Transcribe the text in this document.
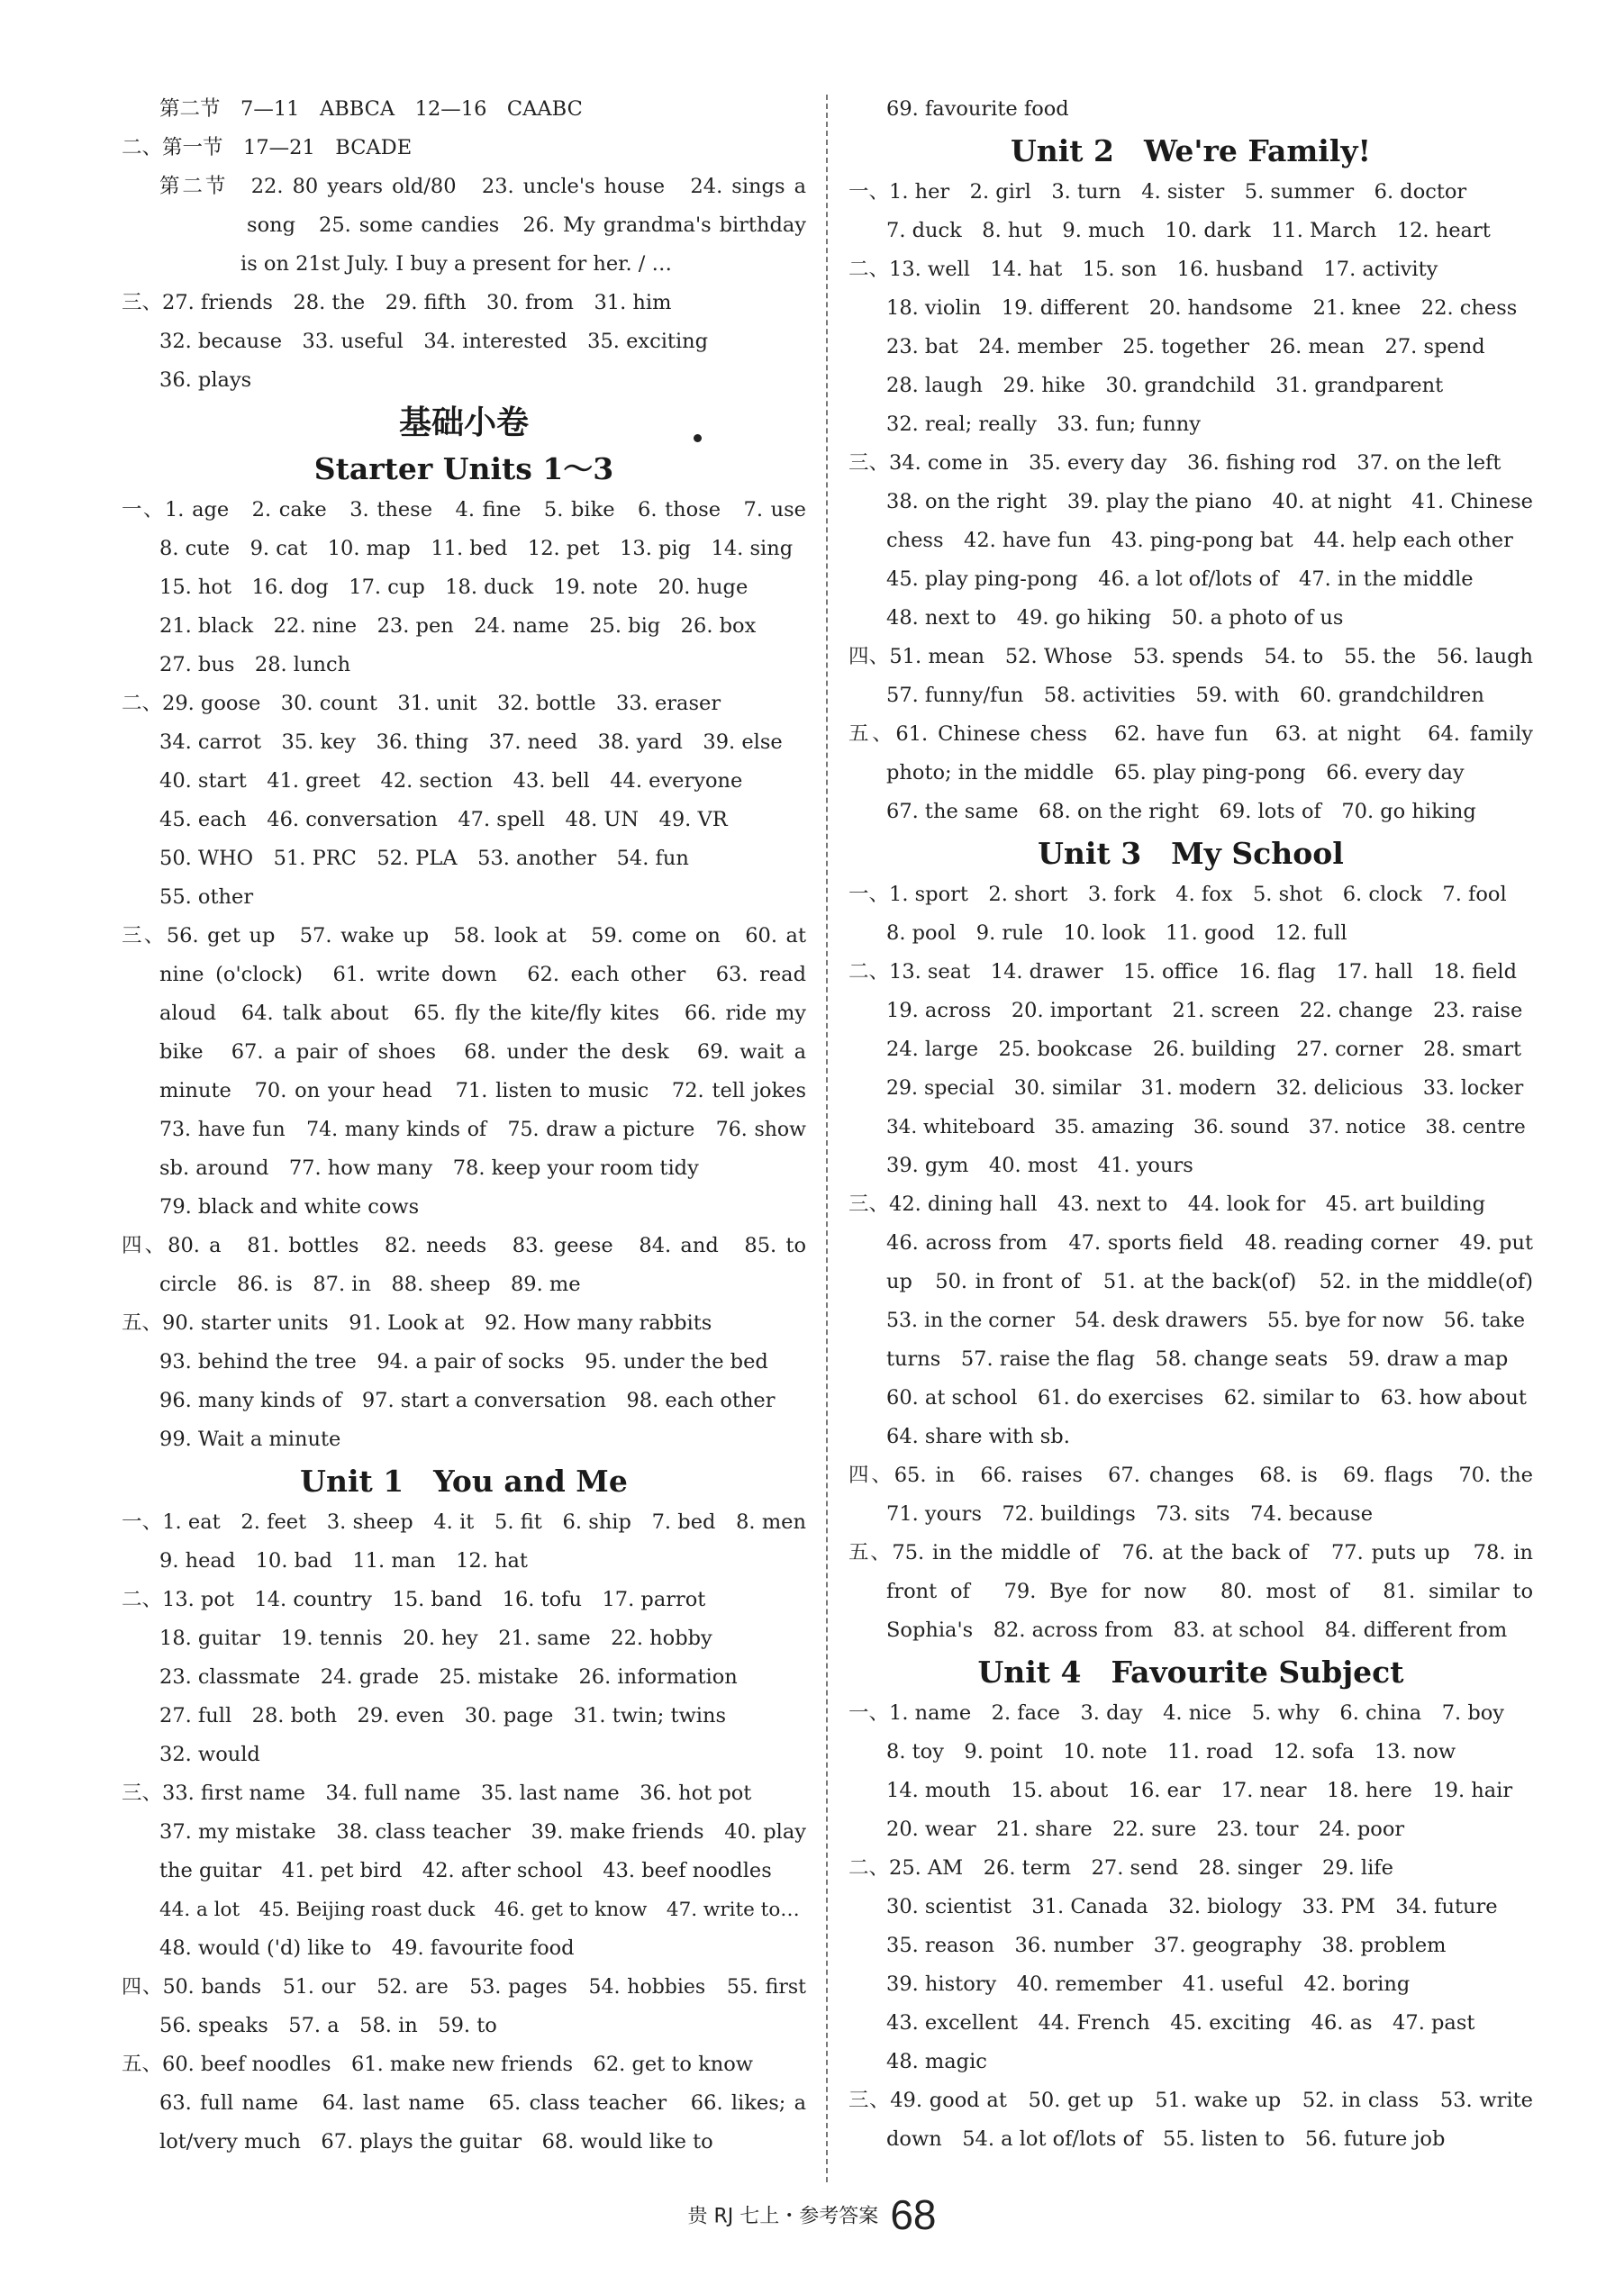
第二节　7—11　ABBCA　12—16　CAABC
二、第一节　17—21　BCADE
第二节　22. 80 years old/80　23. uncle's house　24. sings a
　　　　song　25. some candies　26. My grandma's birthday
　　　　is on 21st July. I buy a present for her. / …
三、27. friends　28. the　29. fifth　30. from　31. him
32. because　33. useful　34. interested　35. exciting
36. plays
基础小卷
Starter Units 1～3
一、1. age　2. cake　3. these　4. fine　5. bike　6. those　7. use
8. cute　9. cat　10. map　11. bed　12. pet　13. pig　14. sing
15. hot　16. dog　17. cup　18. duck　19. note　20. huge
21. black　22. nine　23. pen　24. name　25. big　26. box
27. bus　28. lunch
二、29. goose　30. count　31. unit　32. bottle　33. eraser
34. carrot　35. key　36. thing　37. need　38. yard　39. else
40. start　41. greet　42. section　43. bell　44. everyone
45. each　46. conversation　47. spell　48. UN　49. VR
50. WHO　51. PRC　52. PLA　53. another　54. fun
55. other
三、56. get up　57. wake up　58. look at　59. come on　60. at
nine (o'clock)　61. write down　62. each other　63. read
aloud　64. talk about　65. fly the kite/fly kites　66. ride my
bike　67. a pair of shoes　68. under the desk　69. wait a
minute　70. on your head　71. listen to music　72. tell jokes
73. have fun　74. many kinds of　75. draw a picture　76. show
sb. around　77. how many　78. keep your room tidy
79. black and white cows
四、80. a　81. bottles　82. needs　83. geese　84. and　85. to
circle　86. is　87. in　88. sheep　89. me
五、90. starter units　91. Look at　92. How many rabbits
93. behind the tree　94. a pair of socks　95. under the bed
96. many kinds of　97. start a conversation　98. each other
99. Wait a minute
Unit 1　You and Me
一、1. eat　2. feet　3. sheep　4. it　5. fit　6. ship　7. bed　8. men
9. head　10. bad　11. man　12. hat
二、13. pot　14. country　15. band　16. tofu　17. parrot
18. guitar　19. tennis　20. hey　21. same　22. hobby
23. classmate　24. grade　25. mistake　26. information
27. full　28. both　29. even　30. page　31. twin; twins
32. would
三、33. first name　34. full name　35. last name　36. hot pot
37. my mistake　38. class teacher　39. make friends　40. play
the guitar　41. pet bird　42. after school　43. beef noodles
44. a lot　45. Beijing roast duck　46. get to know　47. write to…
48. would ('d) like to　49. favourite food
四、50. bands　51. our　52. are　53. pages　54. hobbies　55. first
56. speaks　57. a　58. in　59. to
五、60. beef noodles　61. make new friends　62. get to know
63. full name　64. last name　65. class teacher　66. likes; a
lot/very much　67. plays the guitar　68. would like to
69. favourite food
Unit 2　We're Family!
一、1. her　2. girl　3. turn　4. sister　5. summer　6. doctor
7. duck　8. hut　9. much　10. dark　11. March　12. heart
二、13. well　14. hat　15. son　16. husband　17. activity
18. violin　19. different　20. handsome　21. knee　22. chess
23. bat　24. member　25. together　26. mean　27. spend
28. laugh　29. hike　30. grandchild　31. grandparent
32. real; really　33. fun; funny
三、34. come in　35. every day　36. fishing rod　37. on the left
38. on the right　39. play the piano　40. at night　41. Chinese
chess　42. have fun　43. ping-pong bat　44. help each other
45. play ping-pong　46. a lot of/lots of　47. in the middle
48. next to　49. go hiking　50. a photo of us
四、51. mean　52. Whose　53. spends　54. to　55. the　56. laugh
57. funny/fun　58. activities　59. with　60. grandchildren
五、61. Chinese chess　62. have fun　63. at night　64. family
photo; in the middle　65. play ping-pong　66. every day
67. the same　68. on the right　69. lots of　70. go hiking
Unit 3　My School
一、1. sport　2. short　3. fork　4. fox　5. shot　6. clock　7. fool
8. pool　9. rule　10. look　11. good　12. full
二、13. seat　14. drawer　15. office　16. flag　17. hall　18. field
19. across　20. important　21. screen　22. change　23. raise
24. large　25. bookcase　26. building　27. corner　28. smart
29. special　30. similar　31. modern　32. delicious　33. locker
34. whiteboard　35. amazing　36. sound　37. notice　38. centre
39. gym　40. most　41. yours
三、42. dining hall　43. next to　44. look for　45. art building
46. across from　47. sports field　48. reading corner　49. put
up　50. in front of　51. at the back(of)　52. in the middle(of)
53. in the corner　54. desk drawers　55. bye for now　56. take
turns　57. raise the flag　58. change seats　59. draw a map
60. at school　61. do exercises　62. similar to　63. how about
64. share with sb.
四、65. in　66. raises　67. changes　68. is　69. flags　70. the
71. yours　72. buildings　73. sits　74. because
五、75. in the middle of　76. at the back of　77. puts up　78. in
front of　79. Bye for now　80. most of　81. similar to
Sophia's　82. across from　83. at school　84. different from
Unit 4　Favourite Subject
一、1. name　2. face　3. day　4. nice　5. why　6. china　7. boy
8. toy　9. point　10. note　11. road　12. sofa　13. now
14. mouth　15. about　16. ear　17. near　18. here　19. hair
20. wear　21. share　22. sure　23. tour　24. poor
二、25. AM　26. term　27. send　28. singer　29. life
30. scientist　31. Canada　32. biology　33. PM　34. future
35. reason　36. number　37. geography　38. problem
39. history　40. remember　41. useful　42. boring
43. excellent　44. French　45. exciting　46. as　47. past
48. magic
三、49. good at　50. get up　51. wake up　52. in class　53. write
down　54. a lot of/lots of　55. listen to　56. future job
贵 RJ 七上・参考答案 68
